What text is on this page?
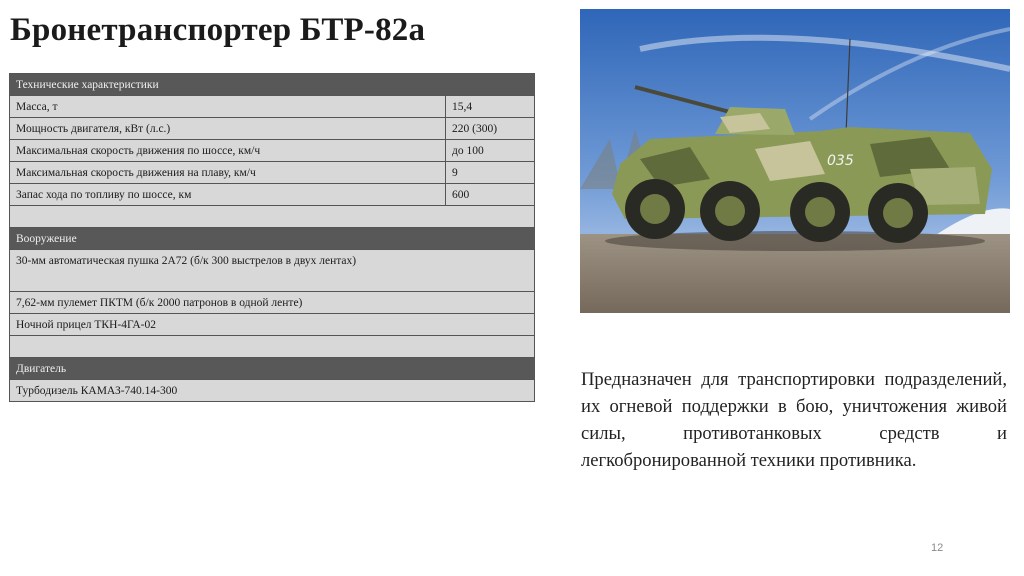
Бронетранспортер БТР-82а
Технические характеристики	
Масса, т	15,4
Мощность двигателя, кВт (л.с.)	220 (300)
Максимальная скорость движения по шоссе, км/ч	до 100
Максимальная скорость движения на плаву, км/ч	9
Запас хода по топливу по шоссе, км	600

Вооружение	
30-мм автоматическая пушка 2А72 (б/к 300 выстрелов в двух лентах)	
7,62-мм пулемет ПКТМ (б/к 2000 патронов в одной ленте)	
Ночной прицел ТКН-4ГА-02	

Двигатель	
Турбодизель КАМАЗ-740.14-300	
035
Предназначен для транспортировки подразделений, их огневой поддержки в бою, уничтожения живой силы, противотанковых средств и легкобронированной техники противника.
12
